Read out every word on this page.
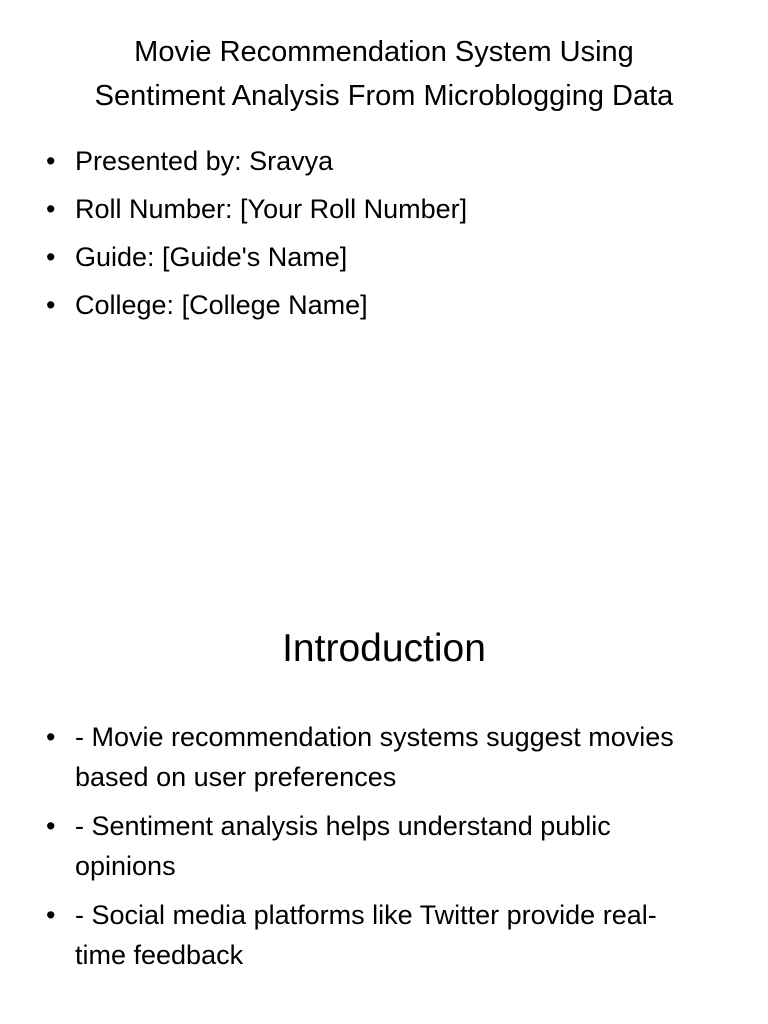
Movie Recommendation System Using
Sentiment Analysis From Microblogging Data
• Presented by: Sravya
• Roll Number: [Your Roll Number]
• Guide: [Guide's Name]
• College: [College Name]
Introduction
• - Movie recommendation systems suggest movies based on user preferences
• - Sentiment analysis helps understand public opinions
• - Social media platforms like Twitter provide real-time feedback
